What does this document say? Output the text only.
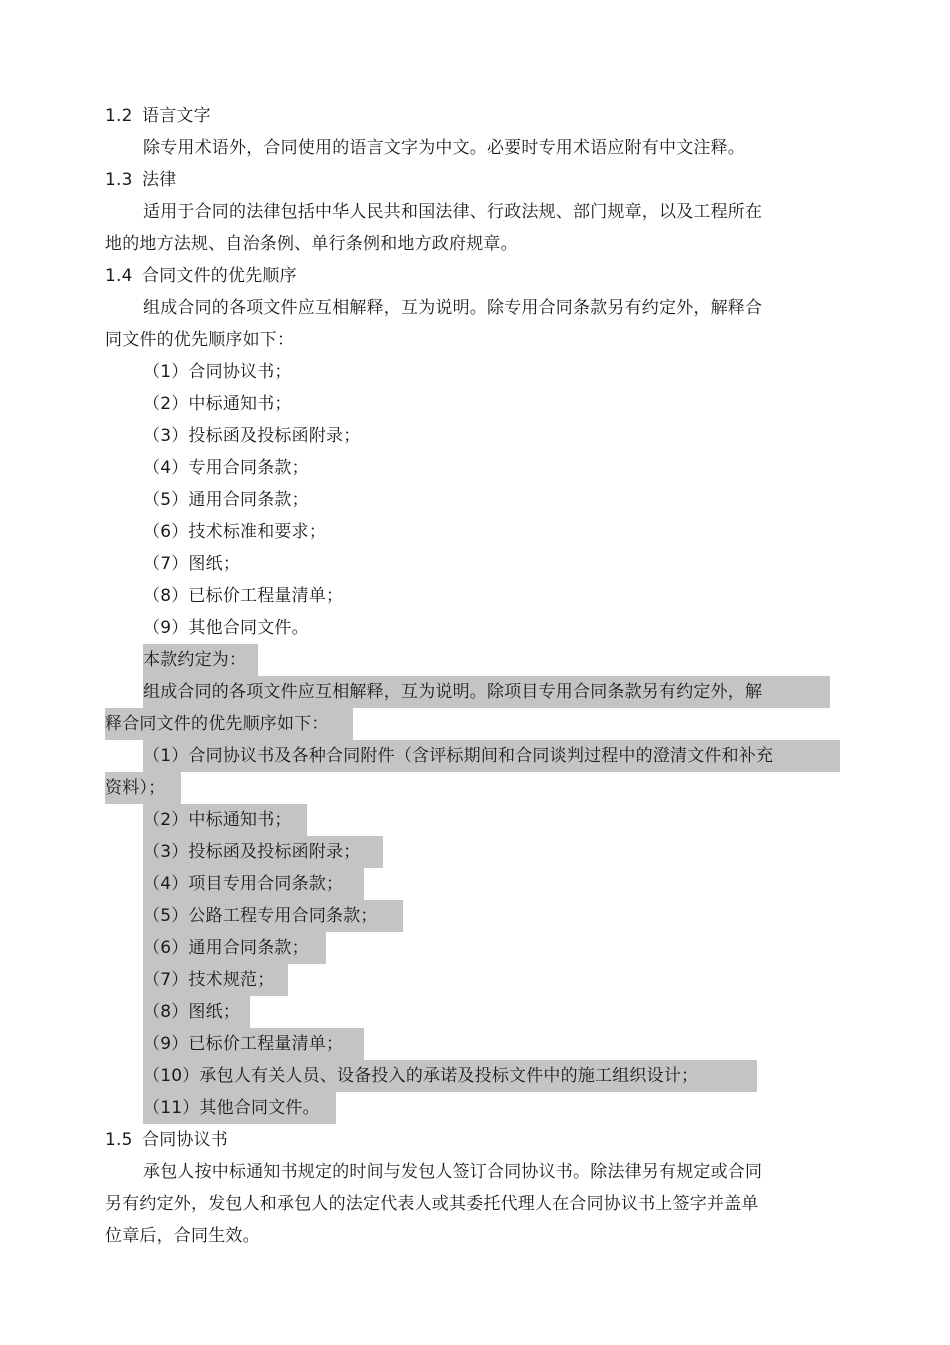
1.2 语言文字
除专用术语外，合同使用的语言文字为中文。必要时专用术语应附有中文注释。
1.3 法律
适用于合同的法律包括中华人民共和国法律、行政法规、部门规章，以及工程所在
地的地方法规、自治条例、单行条例和地方政府规章。
1.4 合同文件的优先顺序
组成合同的各项文件应互相解释，互为说明。除专用合同条款另有约定外，解释合
同文件的优先顺序如下：
（1）合同协议书；
（2）中标通知书；
（3）投标函及投标函附录；
（4）专用合同条款；
（5）通用合同条款；
（6）技术标准和要求；
（7）图纸；
（8）已标价工程量清单；
（9）其他合同文件。
本款约定为：
组成合同的各项文件应互相解释，互为说明。除项目专用合同条款另有约定外，解
释合同文件的优先顺序如下：
（1）合同协议书及各种合同附件（含评标期间和合同谈判过程中的澄清文件和补充
资料）；
（2）中标通知书；
（3）投标函及投标函附录；
（4）项目专用合同条款；
（5）公路工程专用合同条款；
（6）通用合同条款；
（7）技术规范；
（8）图纸；
（9）已标价工程量清单；
（10）承包人有关人员、设备投入的承诺及投标文件中的施工组织设计；
（11）其他合同文件。
1.5 合同协议书
承包人按中标通知书规定的时间与发包人签订合同协议书。除法律另有规定或合同
另有约定外，发包人和承包人的法定代表人或其委托代理人在合同协议书上签字并盖单
位章后，合同生效。
